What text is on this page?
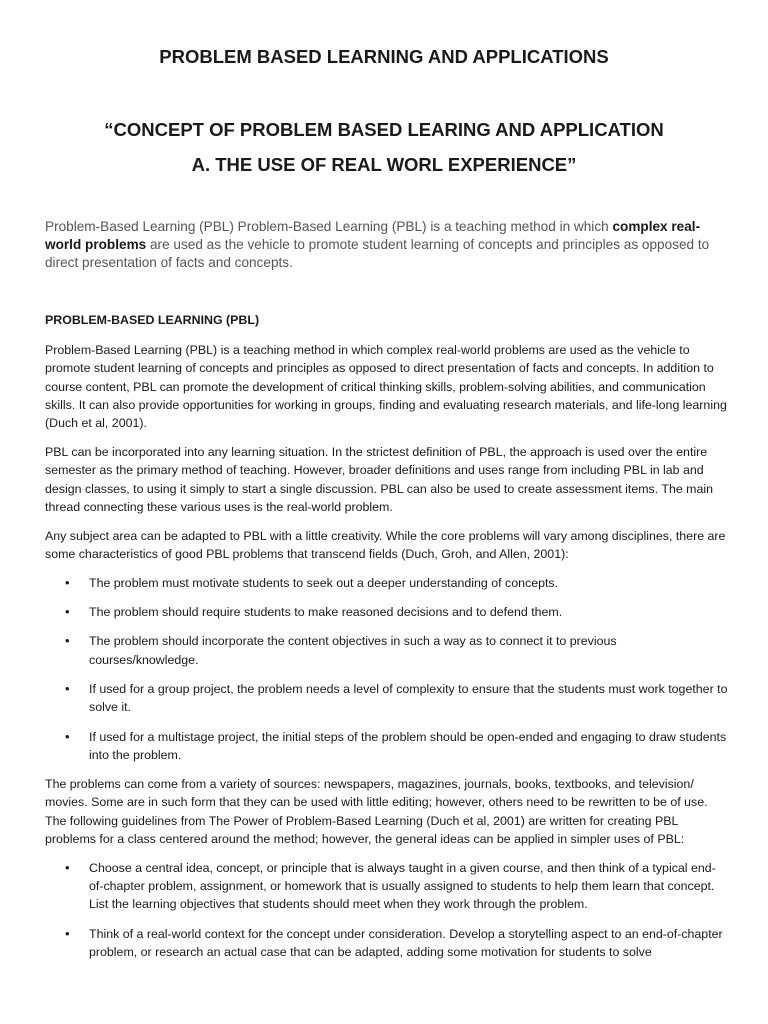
PROBLEM BASED LEARNING AND APPLICATIONS
“CONCEPT OF PROBLEM BASED LEARING AND APPLICATION
A. THE USE OF REAL WORL EXPERIENCE”

Problem-Based Learning (PBL) Problem-Based Learning (PBL) is a teaching method in which complex real-world problems are used as the vehicle to promote student learning of concepts and principles as opposed to direct presentation of facts and concepts.

PROBLEM-BASED LEARNING (PBL)

Problem-Based Learning (PBL) is a teaching method in which complex real-world problems are used as the vehicle to promote student learning of concepts and principles as opposed to direct presentation of facts and concepts. In addition to course content, PBL can promote the development of critical thinking skills, problem-solving abilities, and communication skills. It can also provide opportunities for working in groups, finding and evaluating research materials, and life-long learning (Duch et al, 2001).

PBL can be incorporated into any learning situation. In the strictest definition of PBL, the approach is used over the entire semester as the primary method of teaching. However, broader definitions and uses range from including PBL in lab and design classes, to using it simply to start a single discussion. PBL can also be used to create assessment items. The main thread connecting these various uses is the real-world problem.

Any subject area can be adapted to PBL with a little creativity. While the core problems will vary among disciplines, there are some characteristics of good PBL problems that transcend fields (Duch, Groh, and Allen, 2001):

• The problem must motivate students to seek out a deeper understanding of concepts.
• The problem should require students to make reasoned decisions and to defend them.
• The problem should incorporate the content objectives in such a way as to connect it to previous courses/knowledge.
• If used for a group project, the problem needs a level of complexity to ensure that the students must work together to solve it.
• If used for a multistage project, the initial steps of the problem should be open-ended and engaging to draw students into the problem.

The problems can come from a variety of sources: newspapers, magazines, journals, books, textbooks, and television/ movies. Some are in such form that they can be used with little editing; however, others need to be rewritten to be of use. The following guidelines from The Power of Problem-Based Learning (Duch et al, 2001) are written for creating PBL problems for a class centered around the method; however, the general ideas can be applied in simpler uses of PBL:

• Choose a central idea, concept, or principle that is always taught in a given course, and then think of a typical end-of-chapter problem, assignment, or homework that is usually assigned to students to help them learn that concept. List the learning objectives that students should meet when they work through the problem.
• Think of a real-world context for the concept under consideration. Develop a storytelling aspect to an end-of-chapter problem, or research an actual case that can be adapted, adding some motivation for students to solve
